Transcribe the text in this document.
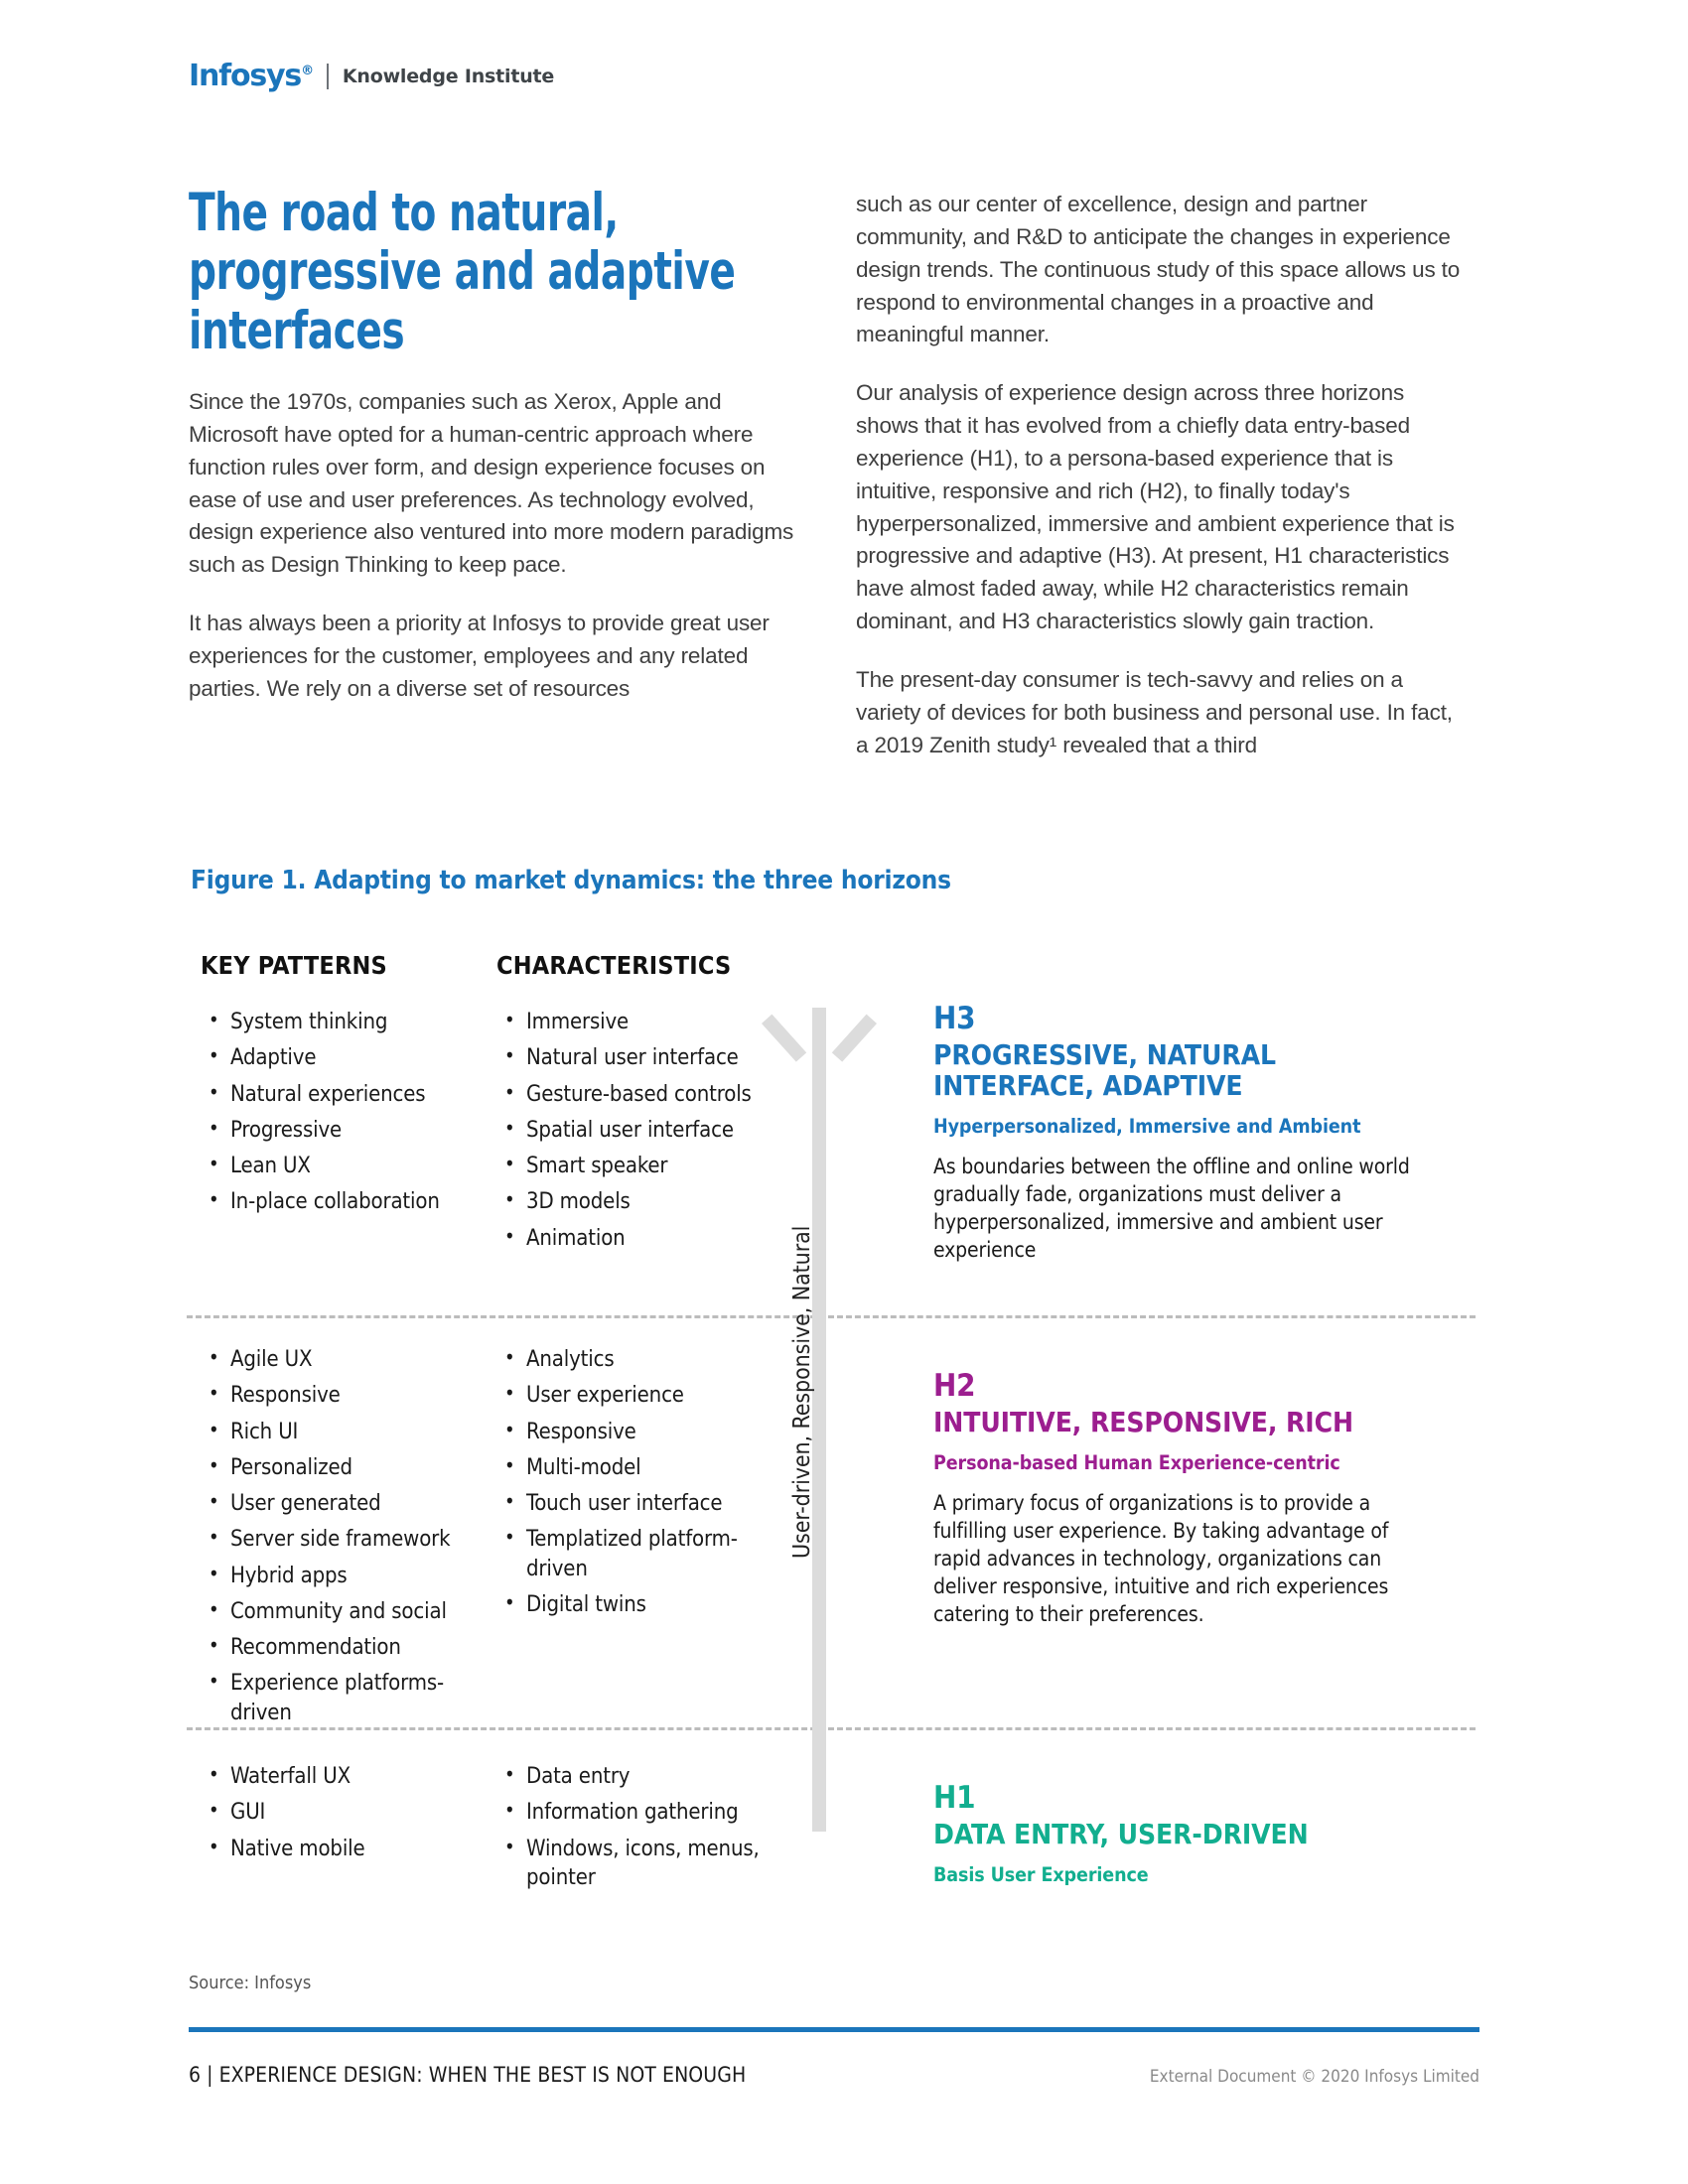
Infosys® Knowledge Institute
The road to natural, progressive and adaptive interfaces

Since the 1970s, companies such as Xerox, Apple and Microsoft have opted for a human-centric approach where function rules over form, and design experience focuses on ease of use and user preferences. As technology evolved, design experience also ventured into more modern paradigms such as Design Thinking to keep pace.

It has always been a priority at Infosys to provide great user experiences for the customer, employees and any related parties. We rely on a diverse set of resources

such as our center of excellence, design and partner community, and R&D to anticipate the changes in experience design trends. The continuous study of this space allows us to respond to environmental changes in a proactive and meaningful manner.

Our analysis of experience design across three horizons shows that it has evolved from a chiefly data entry-based experience (H1), to a persona-based experience that is intuitive, responsive and rich (H2), to finally today's hyperpersonalized, immersive and ambient experience that is progressive and adaptive (H3). At present, H1 characteristics have almost faded away, while H2 characteristics remain dominant, and H3 characteristics slowly gain traction.

The present-day consumer is tech-savvy and relies on a variety of devices for both business and personal use. In fact, a 2019 Zenith study¹ revealed that a third

Figure 1. Adapting to market dynamics: the three horizons
KEY PATTERNS	CHARACTERISTICS
User-driven, Responsive, Natural
• System thinking
• Adaptive
• Natural experiences
• Progressive
• Lean UX
• In-place collaboration
• Immersive
• Natural user interface
• Gesture-based controls
• Spatial user interface
• Smart speaker
• 3D models
• Animation
• Agile UX
• Responsive
• Rich UI
• Personalized
• User generated
• Server side framework
• Hybrid apps
• Community and social
• Recommendation
• Experience platforms-driven
• Analytics
• User experience
• Responsive
• Multi-model
• Touch user interface
• Templatized platform-driven
• Digital twins
• Waterfall UX
• GUI
• Native mobile
• Data entry
• Information gathering
• Windows, icons, menus, pointer
H3
PROGRESSIVE, NATURAL INTERFACE, ADAPTIVE
Hyperpersonalized, Immersive and Ambient
As boundaries between the offline and online world gradually fade, organizations must deliver a hyperpersonalized, immersive and ambient user experience
H2
INTUITIVE, RESPONSIVE, RICH
Persona-based Human Experience-centric
A primary focus of organizations is to provide a fulfilling user experience. By taking advantage of rapid advances in technology, organizations can deliver responsive, intuitive and rich experiences catering to their preferences.
H1
DATA ENTRY, USER-DRIVEN
Basis User Experience
Source: Infosys
6 | EXPERIENCE DESIGN: WHEN THE BEST IS NOT ENOUGH	External Document © 2020 Infosys Limited
